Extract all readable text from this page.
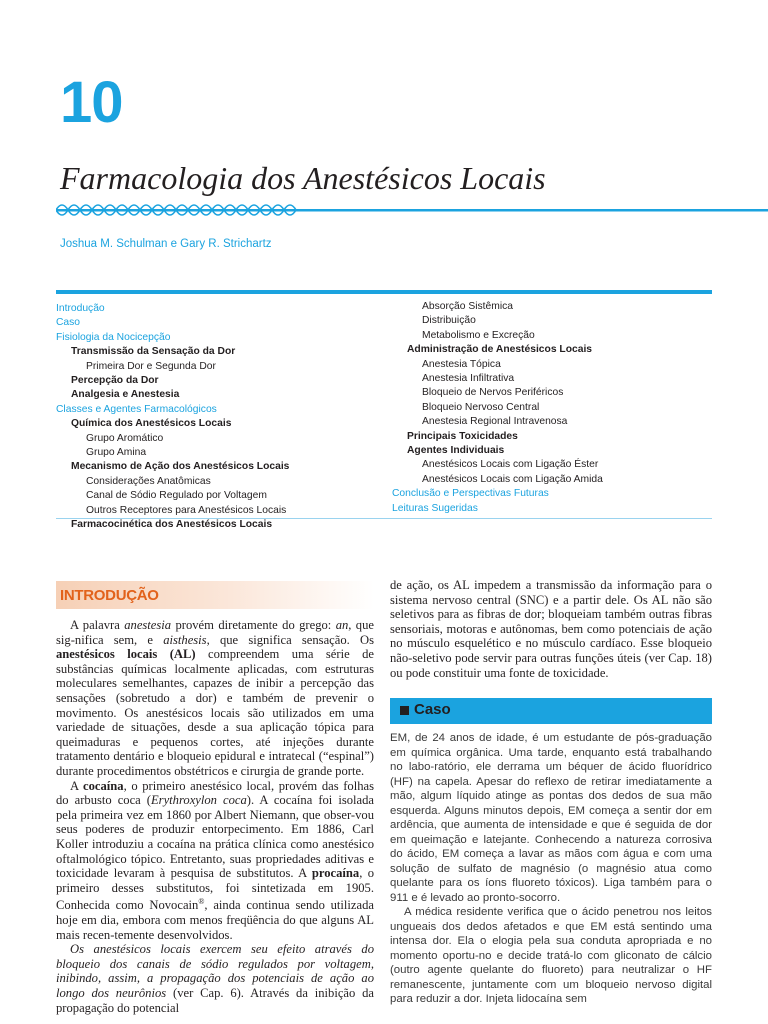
10
Farmacologia dos Anestésicos Locais
Joshua M. Schulman e Gary R. Strichartz
Introdução
Caso
Fisiologia da Nocicepção
Transmissão da Sensação da Dor
Primeira Dor e Segunda Dor
Percepção da Dor
Analgesia e Anestesia
Classes e Agentes Farmacológicos
Química dos Anestésicos Locais
Grupo Aromático
Grupo Amina
Mecanismo de Ação dos Anestésicos Locais
Considerações Anatômicas
Canal de Sódio Regulado por Voltagem
Outros Receptores para Anestésicos Locais
Farmacocinética dos Anestésicos Locais
Absorção Sistêmica
Distribuição
Metabolismo e Excreção
Administração de Anestésicos Locais
Anestesia Tópica
Anestesia Infiltrativa
Bloqueio de Nervos Periféricos
Bloqueio Nervoso Central
Anestesia Regional Intravenosa
Principais Toxicidades
Agentes Individuais
Anestésicos Locais com Ligação Éster
Anestésicos Locais com Ligação Amida
Conclusão e Perspectivas Futuras
Leituras Sugeridas
INTRODUÇÃO

A palavra anestesia provém diretamente do grego: an, que sig-nifica sem, e aisthesis, que significa sensação. Os anestésicos locais (AL) compreendem uma série de substâncias químicas localmente aplicadas, com estruturas moleculares semelhantes, capazes de inibir a percepção das sensações (sobretudo a dor) e também de prevenir o movimento. Os anestésicos locais são utilizados em uma variedade de situações, desde a sua aplicação tópica para queimaduras e pequenos cortes, até injeções durante tratamento dentário e bloqueio epidural e intratecal (“espinal”) durante procedimentos obstétricos e cirurgia de grande porte.

A cocaína, o primeiro anestésico local, provém das folhas do arbusto coca (Erythroxylon coca). A cocaína foi isolada pela primeira vez em 1860 por Albert Niemann, que obser-vou seus poderes de produzir entorpecimento. Em 1886, Carl Koller introduziu a cocaína na prática clínica como anestésico oftalmológico tópico. Entretanto, suas propriedades aditivas e toxicidade levaram à pesquisa de substitutos. A procaína, o primeiro desses substitutos, foi sintetizada em 1905. Conhecida como Novocain®, ainda continua sendo utilizada hoje em dia, embora com menos freqüência do que alguns AL mais recen-temente desenvolvidos.

Os anestésicos locais exercem seu efeito através do bloqueio dos canais de sódio regulados por voltagem, inibindo, assim, a propagação dos potenciais de ação ao longo dos neurônios (ver Cap. 6). Através da inibição da propagação do potencial

de ação, os AL impedem a transmissão da informação para o sistema nervoso central (SNC) e a partir dele. Os AL não são seletivos para as fibras de dor; bloqueiam também outras fibras sensoriais, motoras e autônomas, bem como potenciais de ação no músculo esquelético e no músculo cardíaco. Esse bloqueio não-seletivo pode servir para outras funções úteis (ver Cap. 18) ou pode constituir uma fonte de toxicidade.

Caso

EM, de 24 anos de idade, é um estudante de pós-graduação em química orgânica. Uma tarde, enquanto está trabalhando no labo-ratório, ele derrama um béquer de ácido fluorídrico (HF) na capela. Apesar do reflexo de retirar imediatamente a mão, algum líquido atinge as pontas dos dedos de sua mão esquerda. Alguns minutos depois, EM começa a sentir dor em ardência, que aumenta de intensidade e que é seguida de dor em queimação e latejante. Conhecendo a natureza corrosiva do ácido, EM começa a lavar as mãos com água e com uma solução de sulfato de magnésio (o magnésio atua como quelante para os íons fluoreto tóxicos). Liga também para o 911 e é levado ao pronto-socorro.

A médica residente verifica que o ácido penetrou nos leitos ungueais dos dedos afetados e que EM está sentindo uma intensa dor. Ela o elogia pela sua conduta apropriada e no momento oportu-no e decide tratá-lo com gliconato de cálcio (outro agente quelante do fluoreto) para neutralizar o HF remanescente, juntamente com um bloqueio nervoso digital para reduzir a dor. Injeta lidocaína sem
